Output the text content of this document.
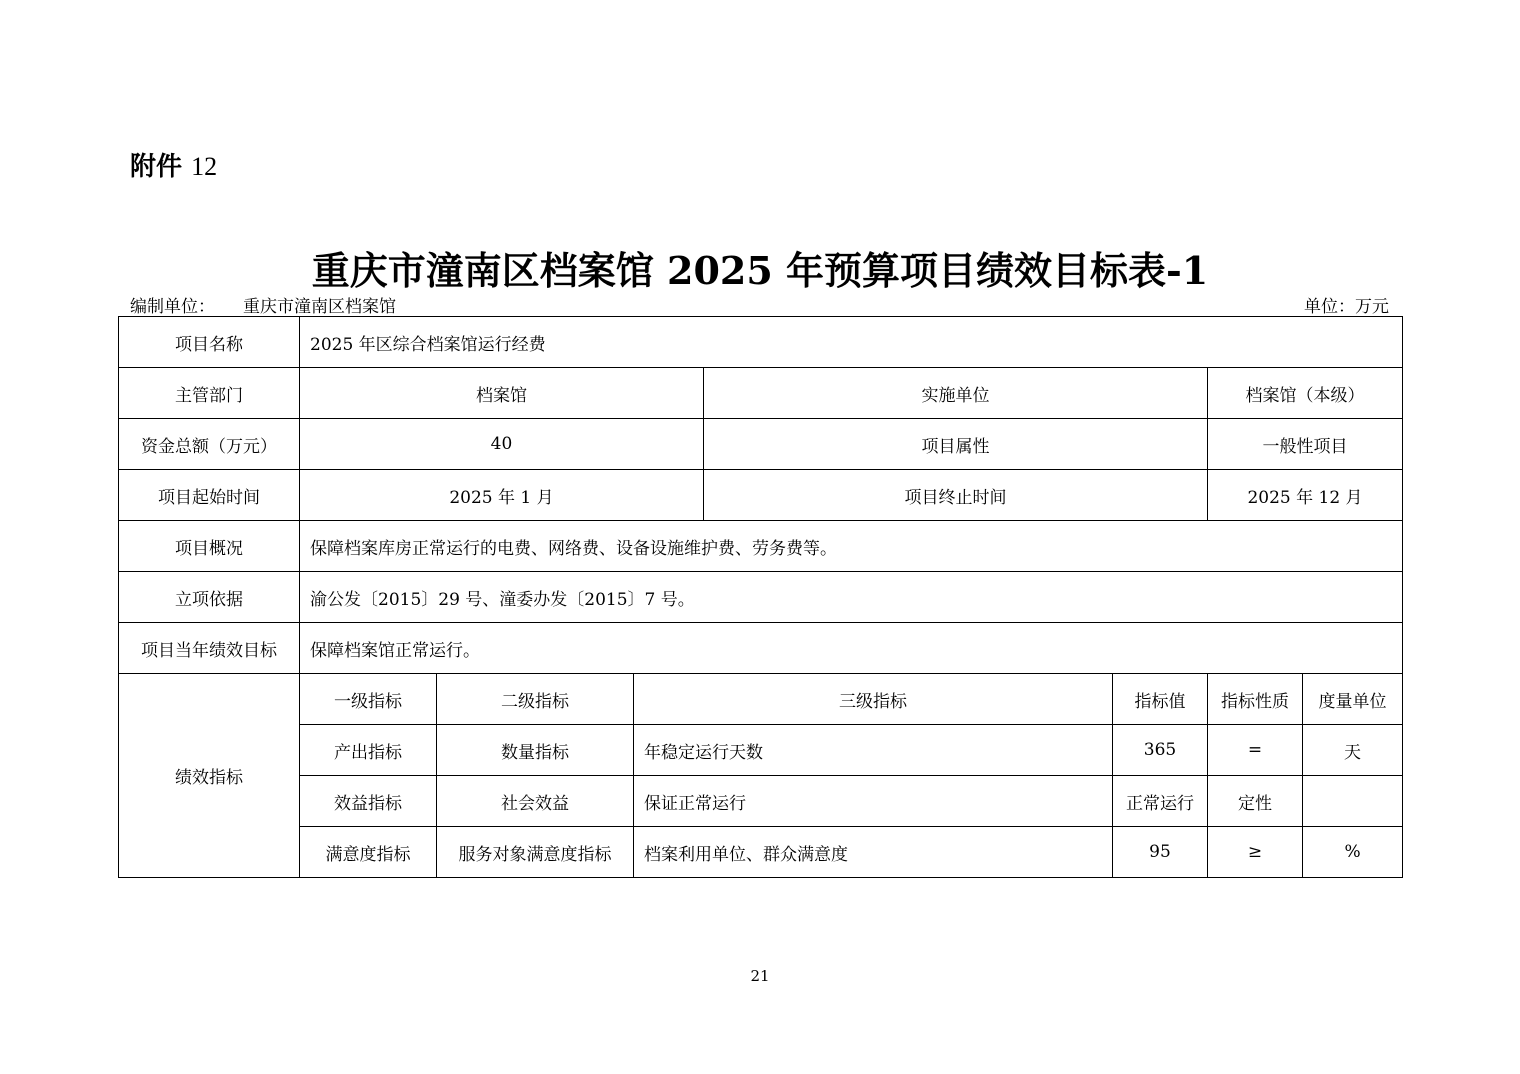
附件 12
重庆市潼南区档案馆 2025 年预算项目绩效目标表-1
编制单位： 重庆市潼南区档案馆	单位：万元
项目名称	2025 年区综合档案馆运行经费						
主管部门	档案馆			实施单位		档案馆（本级）	
资金总额（万元）	40			项目属性		一般性项目	
项目起始时间	2025 年 1 月			项目终止时间		2025 年 12 月	
项目概况	保障档案库房正常运行的电费、网络费、设备设施维护费、劳务费等。						
立项依据	渝公发〔2015〕29 号、潼委办发〔2015〕7 号。						
项目当年绩效目标	保障档案馆正常运行。						
绩效指标	一级指标	二级指标	三级指标		指标值	指标性质	度量单位
	产出指标	数量指标	年稳定运行天数		365	=	天
	效益指标	社会效益	保证正常运行		正常运行	定性	
	满意度指标	服务对象满意度指标	档案利用单位、群众满意度		95	≥	%
21
